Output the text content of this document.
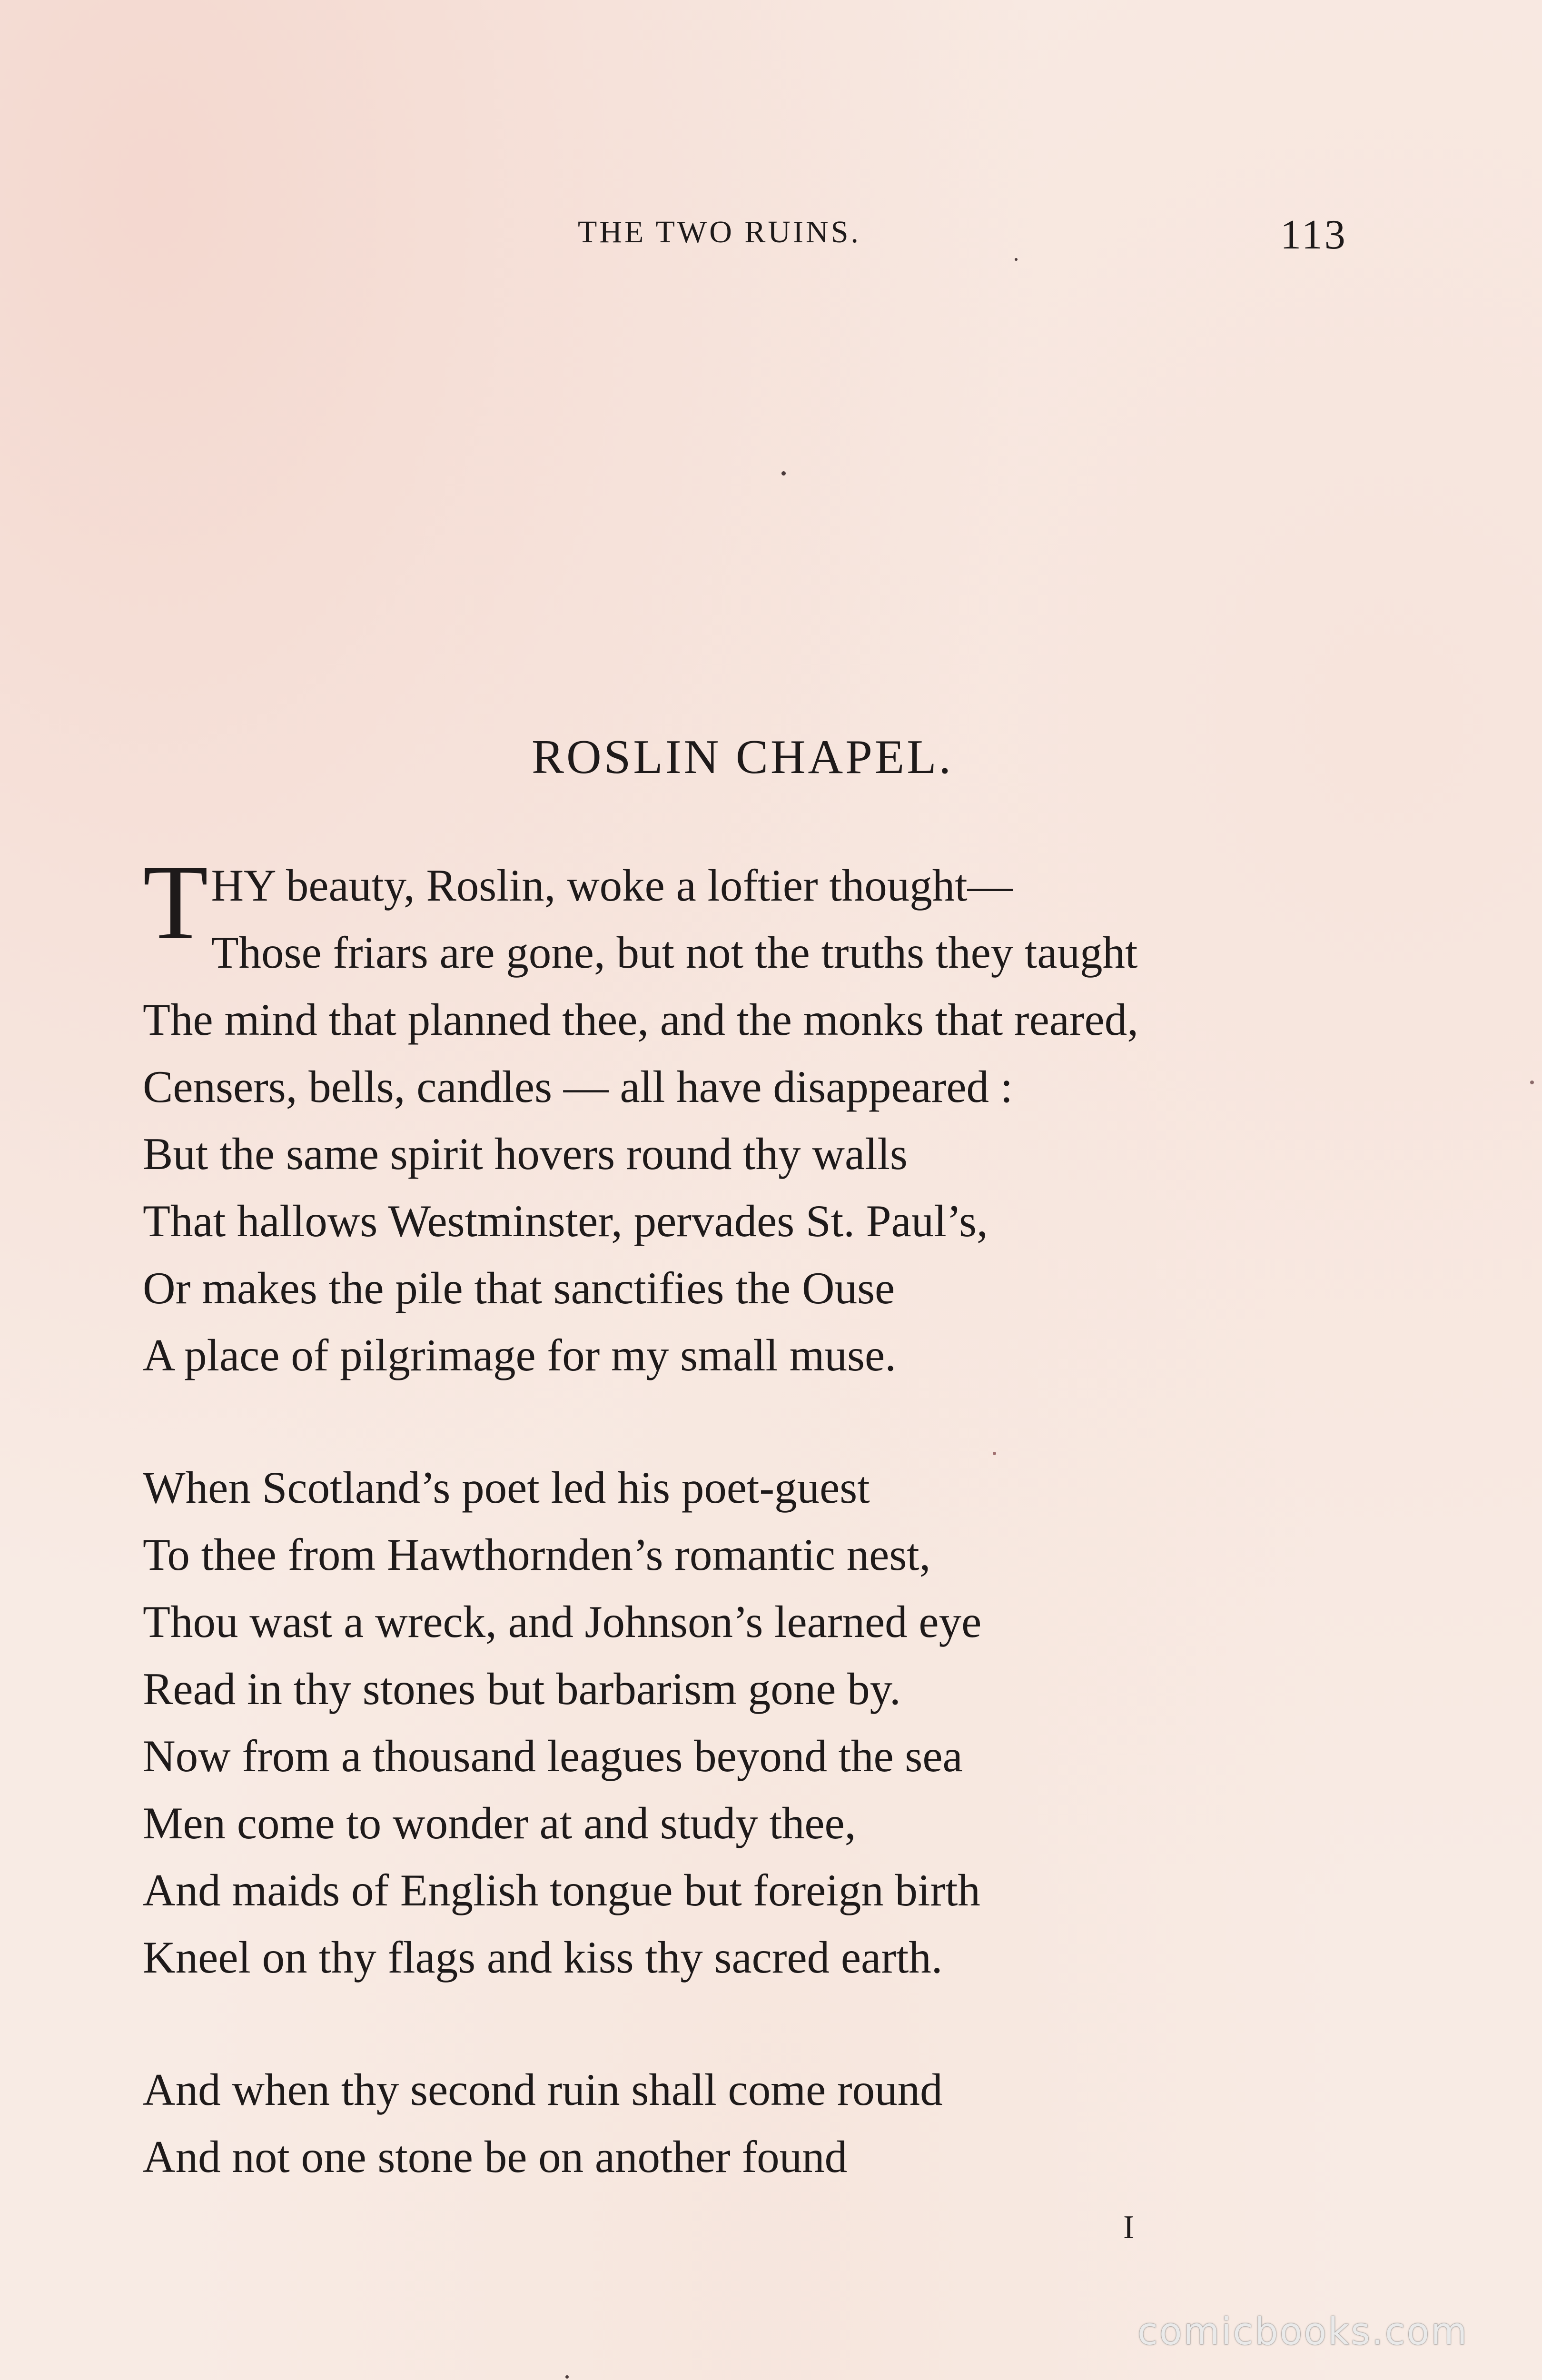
THE TWO RUINS.	113
ROSLIN CHAPEL.
T HY beauty, Roslin, woke a loftier thought—
Those friars are gone, but not the truths they taught
The mind that planned thee, and the monks that reared,
Censers, bells, candles — all have disappeared :
But the same spirit hovers round thy walls
That hallows Westminster, pervades St. Paul’s,
Or makes the pile that sanctifies the Ouse
A place of pilgrimage for my small muse.
When Scotland’s poet led his poet-guest
To thee from Hawthornden’s romantic nest,
Thou wast a wreck, and Johnson’s learned eye
Read in thy stones but barbarism gone by.
Now from a thousand leagues beyond the sea
Men come to wonder at and study thee,
And maids of English tongue but foreign birth
Kneel on thy flags and kiss thy sacred earth.
And when thy second ruin shall come round
And not one stone be on another found
I
comicbooks.com
